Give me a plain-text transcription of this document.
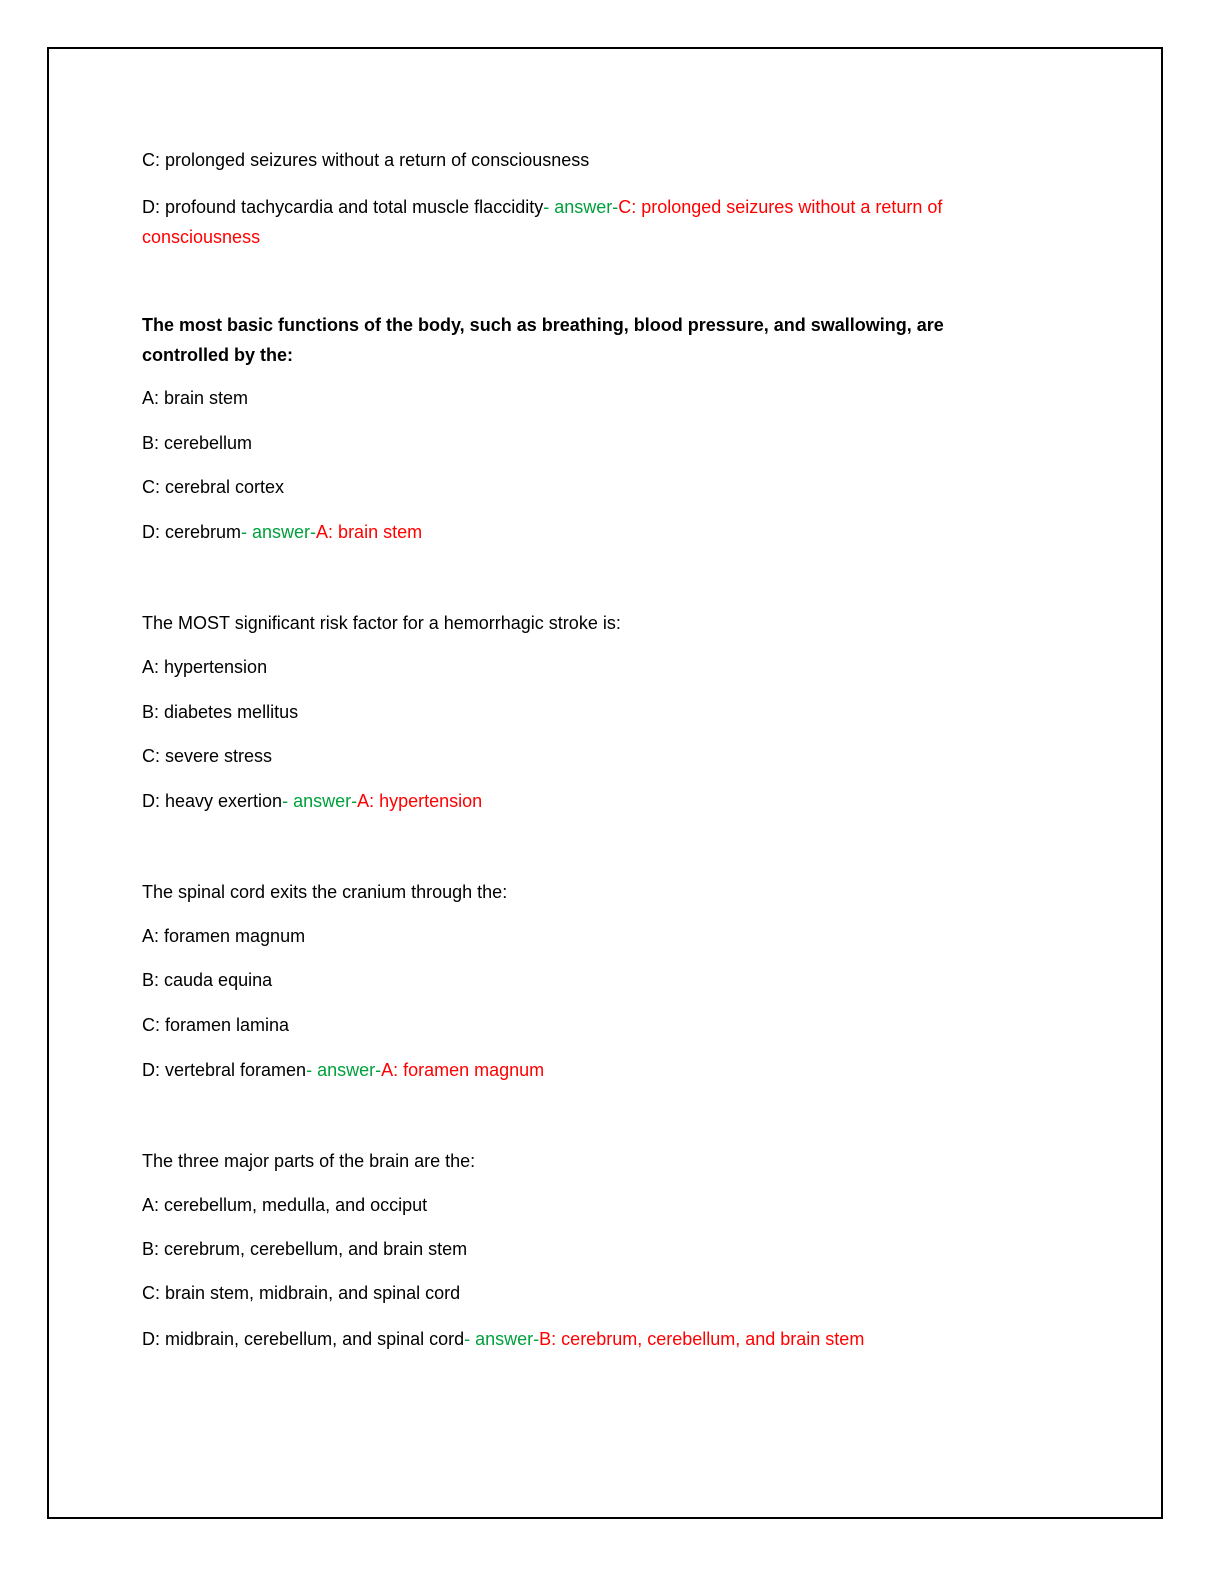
C: prolonged seizures without a return of consciousness
D: profound tachycardia and total muscle flaccidity- answer-C: prolonged seizures without a return of
consciousness
The most basic functions of the body, such as breathing, blood pressure, and swallowing, are
controlled by the:
A: brain stem
B: cerebellum
C: cerebral cortex
D: cerebrum- answer-A: brain stem
The MOST significant risk factor for a hemorrhagic stroke is:
A: hypertension
B: diabetes mellitus
C: severe stress
D: heavy exertion- answer-A: hypertension
The spinal cord exits the cranium through the:
A: foramen magnum
B: cauda equina
C: foramen lamina
D: vertebral foramen- answer-A: foramen magnum
The three major parts of the brain are the:
A: cerebellum, medulla, and occiput
B: cerebrum, cerebellum, and brain stem
C: brain stem, midbrain, and spinal cord
D: midbrain, cerebellum, and spinal cord- answer-B: cerebrum, cerebellum, and brain stem
